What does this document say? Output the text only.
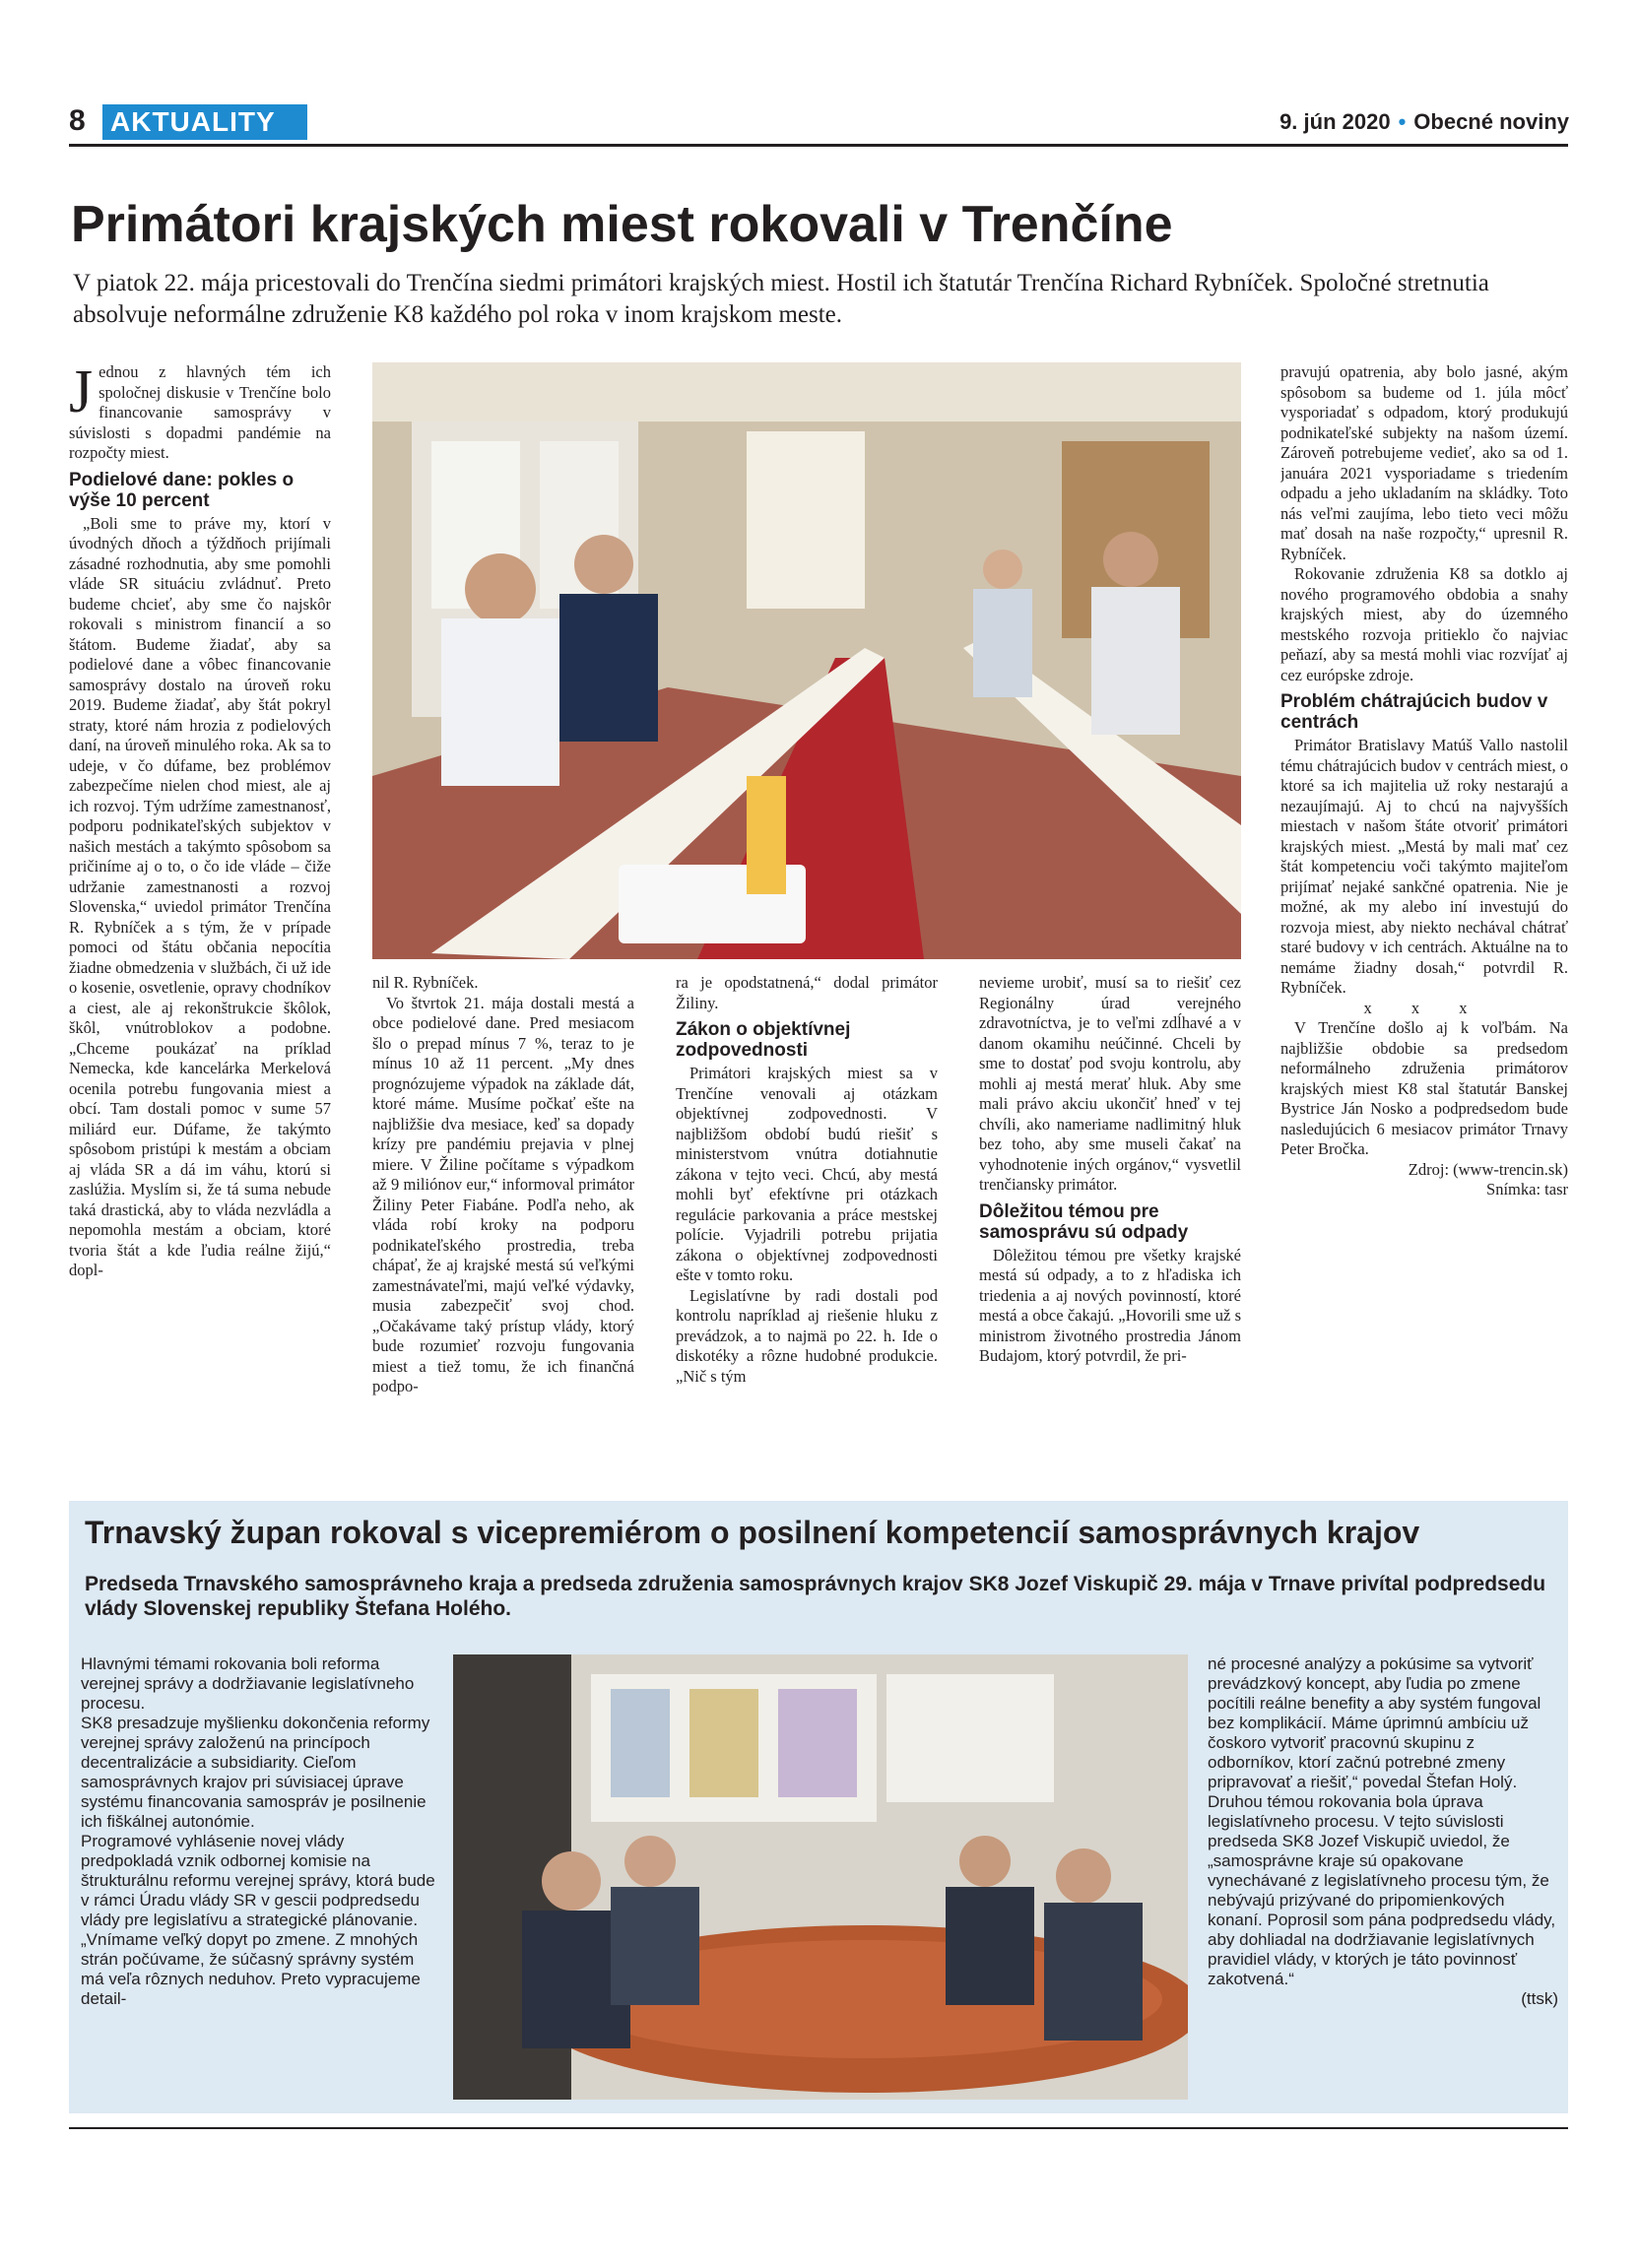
8 AKTUALITY	9. jún 2020 • Obecné noviny
Primátori krajských miest rokovali v Trenčíne
V piatok 22. mája pricestovali do Trenčína siedmi primátori krajských miest. Hostil ich štatutár Trenčína Richard Rybníček. Spoločné stretnutia absolvuje neformálne združenie K8 každého pol roka v inom krajskom meste.

Jednou z hlavných tém ich spoločnej diskusie v Trenčíne bolo financovanie samosprávy v súvislosti s dopadmi pandémie na rozpočty miest.

Podielové dane: pokles o výše 10 percent

„Boli sme to práve my, ktorí v úvodných dňoch a týždňoch prijímali zásadné rozhodnutia, aby sme pomohli vláde SR situáciu zvládnuť. Preto budeme chcieť, aby sme čo najskôr rokovali s ministrom financií a so štátom. Budeme žiadať, aby sa podielové dane a vôbec financovanie samosprávy dostalo na úroveň roku 2019. Budeme žiadať, aby štát pokryl straty, ktoré nám hrozia z podielových daní, na úroveň minulého roka. Ak sa to udeje, v čo dúfame, bez problémov zabezpečíme nielen chod miest, ale aj ich rozvoj. Tým udržíme zamestnanosť, podporu podnikateľských subjektov v našich mestách a takýmto spôsobom sa pričiníme aj o to, o čo ide vláde – čiže udržanie zamestnanosti a rozvoj Slovenska,“ uviedol primátor Trenčína R. Rybníček a s tým, že v prípade pomoci od štátu občania nepocítia žiadne obmedzenia v službách, či už ide o kosenie, osvetlenie, opravy chodníkov a ciest, ale aj rekonštrukcie škôlok, škôl, vnútroblokov a podobne. „Chceme poukázať na príklad Nemecka, kde kancelárka Merkelová ocenila potrebu fungovania miest a obcí. Tam dostali pomoc v sume 57 miliárd eur. Dúfame, že takýmto spôsobom pristúpi k mestám a obciam aj vláda SR a dá im váhu, ktorú si zaslúžia. Myslím si, že tá suma nebude taká drastická, aby to vláda nezvládla a nepomohla mestám a obciam, ktoré tvoria štát a kde ľudia reálne žijú,“ dopl-

nil R. Rybníček.

Vo štvrtok 21. mája dostali mestá a obce podielové dane. Pred mesiacom šlo o prepad mínus 7 %, teraz to je mínus 10 až 11 percent. „My dnes prognózujeme výpadok na základe dát, ktoré máme. Musíme počkať ešte na najbližšie dva mesiace, keď sa dopady krízy pre pandémiu prejavia v plnej miere. V Žiline počítame s výpadkom až 9 miliónov eur,“ informoval primátor Žiliny Peter Fiabáne. Podľa neho, ak vláda robí kroky na podporu podnikateľského prostredia, treba chápať, že aj krajské mestá sú veľkými zamestnávateľmi, majú veľké výdavky, musia zabezpečiť svoj chod. „Očakávame taký prístup vlády, ktorý bude rozumieť rozvoju fungovania miest a tiež tomu, že ich finančná podpo-

ra je opodstatnená,“ dodal primátor Žiliny.

Zákon o objektívnej zodpovednosti

Primátori krajských miest sa v Trenčíne venovali aj otázkam objektívnej zodpovednosti. V najbližšom období budú riešiť s ministerstvom vnútra dotiahnutie zákona v tejto veci. Chcú, aby mestá mohli byť efektívne pri otázkach regulácie parkovania a práce mestskej polície. Vyjadrili potrebu prijatia zákona o objektívnej zodpovednosti ešte v tomto roku.

Legislatívne by radi dostali pod kontrolu napríklad aj riešenie hluku z prevádzok, a to najmä po 22. h. Ide o diskotéky a rôzne hudobné produkcie. „Nič s tým

nevieme urobiť, musí sa to riešiť cez Regionálny úrad verejného zdravotníctva, je to veľmi zdĺhavé a v danom okamihu neúčinné. Chceli by sme to dostať pod svoju kontrolu, aby mohli aj mestá merať hluk. Aby sme mali právo akciu ukončiť hneď v tej chvíli, ako nameriame nadlimitný hluk bez toho, aby sme museli čakať na vyhodnotenie iných orgánov,“ vysvetlil trenčiansky primátor.

Dôležitou témou pre samosprávu sú odpady

Dôležitou témou pre všetky krajské mestá sú odpady, a to z hľadiska ich triedenia a aj nových povinností, ktoré mestá a obce čakajú. „Hovorili sme už s ministrom životného prostredia Jánom Budajom, ktorý potvrdil, že pri-

pravujú opatrenia, aby bolo jasné, akým spôsobom sa budeme od 1. júla môcť vysporiadať s odpadom, ktorý produkujú podnikateľské subjekty na našom území. Zároveň potrebujeme vedieť, ako sa od 1. januára 2021 vysporiadame s triedením odpadu a jeho ukladaním na skládky. Toto nás veľmi zaujíma, lebo tieto veci môžu mať dosah na naše rozpočty,“ upresnil R. Rybníček.

Rokovanie združenia K8 sa dotklo aj nového programového obdobia a snahy krajských miest, aby do územného mestského rozvoja pritieklo čo najviac peňazí, aby sa mestá mohli viac rozvíjať aj cez európske zdroje.

Problém chátrajúcich budov v centrách

Primátor Bratislavy Matúš Vallo nastolil tému chátrajúcich budov v centrách miest, o ktoré sa ich majitelia už roky nestarajú a nezaujímajú. Aj to chcú na najvyšších miestach v našom štáte otvoriť primátori krajských miest. „Mestá by mali mať cez štát kompetenciu voči takýmto majiteľom prijímať nejaké sankčné opatrenia. Nie je možné, ak my alebo iní investujú do rozvoja miest, aby niekto nechával chátrať staré budovy v ich centrách. Aktuálne na to nemáme žiadny dosah,“ potvrdil R. Rybníček.

x x x

V Trenčíne došlo aj k voľbám. Na najbližšie obdobie sa predsedom neformálneho združenia primátorov krajských miest K8 stal štatutár Banskej Bystrice Ján Nosko a podpredsedom bude nasledujúcich 6 mesiacov primátor Trnavy Peter Bročka.

Zdroj: (www-trencin.sk)

Snímka: tasr

Trnavský župan rokoval s vicepremiérom o posilnení kompetencií samosprávnych krajov
Predseda Trnavského samosprávneho kraja a predseda združenia samosprávnych krajov SK8 Jozef Viskupič 29. mája v Trnave privítal podpredsedu vlády Slovenskej republiky Štefana Holého.

Hlavnými témami rokovania boli reforma verejnej správy a dodržiavanie legislatívneho procesu.

SK8 presadzuje myšlienku dokončenia reformy verejnej správy založenú na princípoch decentralizácie a subsidiarity. Cieľom samosprávnych krajov pri súvisiacej úprave systému financovania samospráv je posilnenie ich fiškálnej autonómie.

Programové vyhlásenie novej vlády predpokladá vznik odbornej komisie na štrukturálnu reformu verejnej správy, ktorá bude v rámci Úradu vlády SR v gescii podpredsedu vlády pre legislatívu a strategické plánovanie.

„Vnímame veľký dopyt po zmene. Z mnohých strán počúvame, že súčasný správny systém má veľa rôznych neduhov. Preto vypracujeme detail-

né procesné analýzy a pokúsime sa vytvoriť prevádzkový koncept, aby ľudia po zmene pocítili reálne benefity a aby systém fungoval bez komplikácií. Máme úprimnú ambíciu už čoskoro vytvoriť pracovnú skupinu z odborníkov, ktorí začnú potrebné zmeny pripravovať a riešiť,“ povedal Štefan Holý.

Druhou témou rokovania bola úprava legislatívneho procesu. V tejto súvislosti predseda SK8 Jozef Viskupič uviedol, že „samosprávne kraje sú opakovane vynechávané z legislatívneho procesu tým, že nebývajú prizývané do pripomienkových konaní. Poprosil som pána podpredsedu vlády, aby dohliadal na dodržiavanie legislatívnych pravidiel vlády, v ktorých je táto povinnosť zakotvená.“

(ttsk)
